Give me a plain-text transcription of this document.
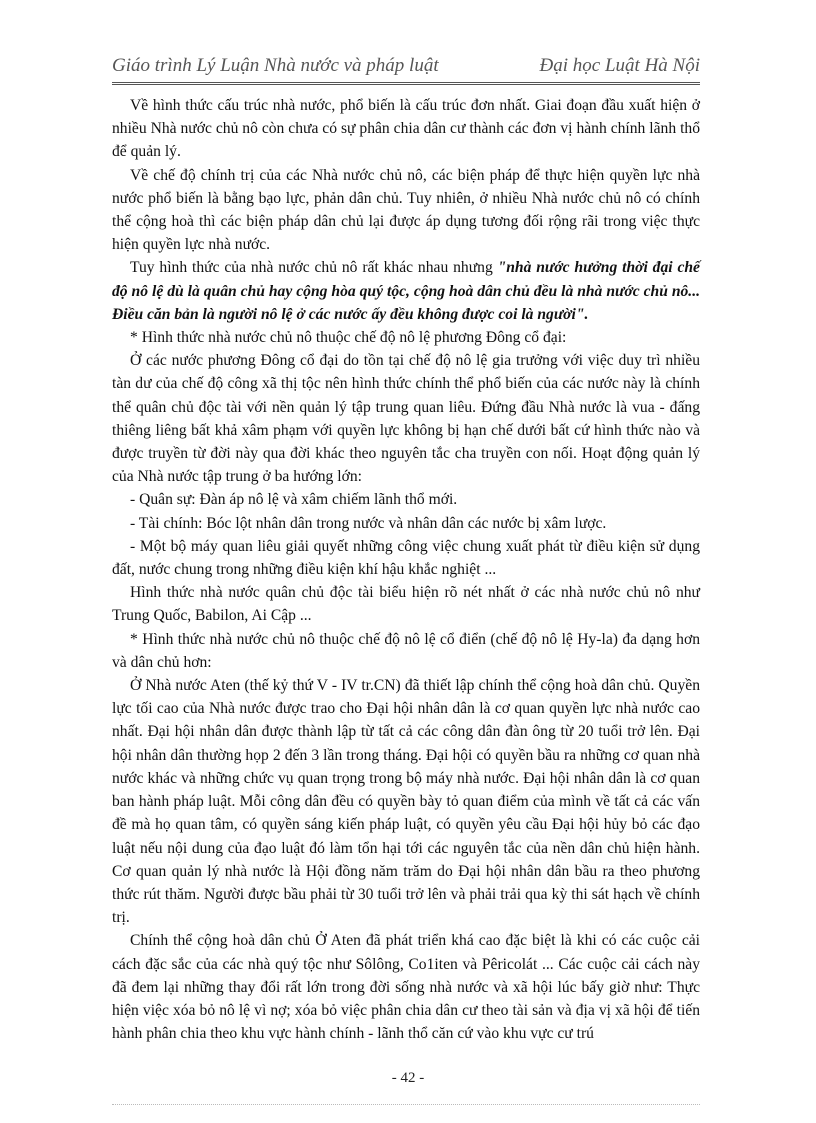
Giáo trình Lý Luận Nhà nước và pháp luật	Đại học Luật Hà Nội

Về hình thức cấu trúc nhà nước, phổ biến là cấu trúc đơn nhất. Giai đoạn đầu xuất hiện ở nhiều Nhà nước chủ nô còn chưa có sự phân chia dân cư thành các đơn vị hành chính lãnh thổ để quản lý.

Về chế độ chính trị của các Nhà nước chủ nô, các biện pháp để thực hiện quyền lực nhà nước phổ biến là bằng bạo lực, phản dân chủ. Tuy nhiên, ở nhiều Nhà nước chủ nô có chính thể cộng hoà thì các biện pháp dân chủ lại được áp dụng tương đối rộng rãi trong việc thực hiện quyền lực nhà nước.

Tuy hình thức của nhà nước chủ nô rất khác nhau nhưng "nhà nước hưởng thời đại chế độ nô lệ dù là quân chủ hay cộng hòa quý tộc, cộng hoà dân chủ đều là nhà nước chủ nô... Điều căn bản là người nô lệ ở các nước ấy đều không được coi là người".

* Hình thức nhà nước chủ nô thuộc chế độ nô lệ phương Đông cổ đại:

Ở các nước phương Đông cổ đại do tồn tại chế độ nô lệ gia trưởng với việc duy trì nhiều tàn dư của chế độ công xã thị tộc nên hình thức chính thể phổ biến của các nước này là chính thể quân chủ độc tài với nền quản lý tập trung quan liêu. Đứng đầu Nhà nước là vua - đấng thiêng liêng bất khả xâm phạm với quyền lực không bị hạn chế dưới bất cứ hình thức nào và được truyền từ đời này qua đời khác theo nguyên tắc cha truyền con nối. Hoạt động quản lý của Nhà nước tập trung ở ba hướng lớn:

- Quân sự: Đàn áp nô lệ và xâm chiếm lãnh thổ mới.

- Tài chính: Bóc lột nhân dân trong nước và nhân dân các nước bị xâm lược.

- Một bộ máy quan liêu giải quyết những công việc chung xuất phát từ điều kiện sử dụng đất, nước chung trong những điều kiện khí hậu khắc nghiệt ...

Hình thức nhà nước quân chủ độc tài biểu hiện rõ nét nhất ở các nhà nước chủ nô như Trung Quốc, Babilon, Ai Cập ...

* Hình thức nhà nước chủ nô thuộc chế độ nô lệ cổ điển (chế độ nô lệ Hy-la) đa dạng hơn và dân chủ hơn:

Ở Nhà nước Aten (thế kỷ thứ V - IV tr.CN) đã thiết lập chính thể cộng hoà dân chủ. Quyền lực tối cao của Nhà nước được trao cho Đại hội nhân dân là cơ quan quyền lực nhà nước cao nhất. Đại hội nhân dân được thành lập từ tất cả các công dân đàn ông từ 20 tuổi trở lên. Đại hội nhân dân thường họp 2 đến 3 lần trong tháng. Đại hội có quyền bầu ra những cơ quan nhà nước khác và những chức vụ quan trọng trong bộ máy nhà nước. Đại hội nhân dân là cơ quan ban hành pháp luật. Mỗi công dân đều có quyền bày tỏ quan điểm của mình về tất cả các vấn đề mà họ quan tâm, có quyền sáng kiến pháp luật, có quyền yêu cầu Đại hội hủy bỏ các đạo luật nếu nội dung của đạo luật đó làm tổn hại tới các nguyên tắc của nền dân chủ hiện hành. Cơ quan quản lý nhà nước là Hội đồng năm trăm do Đại hội nhân dân bầu ra theo phương thức rút thăm. Người được bầu phải từ 30 tuổi trở lên và phải trải qua kỳ thi sát hạch về chính trị.

Chính thể cộng hoà dân chủ Ở Aten đã phát triển khá cao đặc biệt là khi có các cuộc cải cách đặc sắc của các nhà quý tộc như Sôlông, Co1iten và Pêricolát ... Các cuộc cải cách này đã đem lại những thay đổi rất lớn trong đời sống nhà nước và xã hội lúc bấy giờ như: Thực hiện việc xóa bỏ nô lệ vì nợ; xóa bỏ việc phân chia dân cư theo tài sản và địa vị xã hội để tiến hành phân chia theo khu vực hành chính - lãnh thổ căn cứ vào khu vực cư trú

- 42 -
